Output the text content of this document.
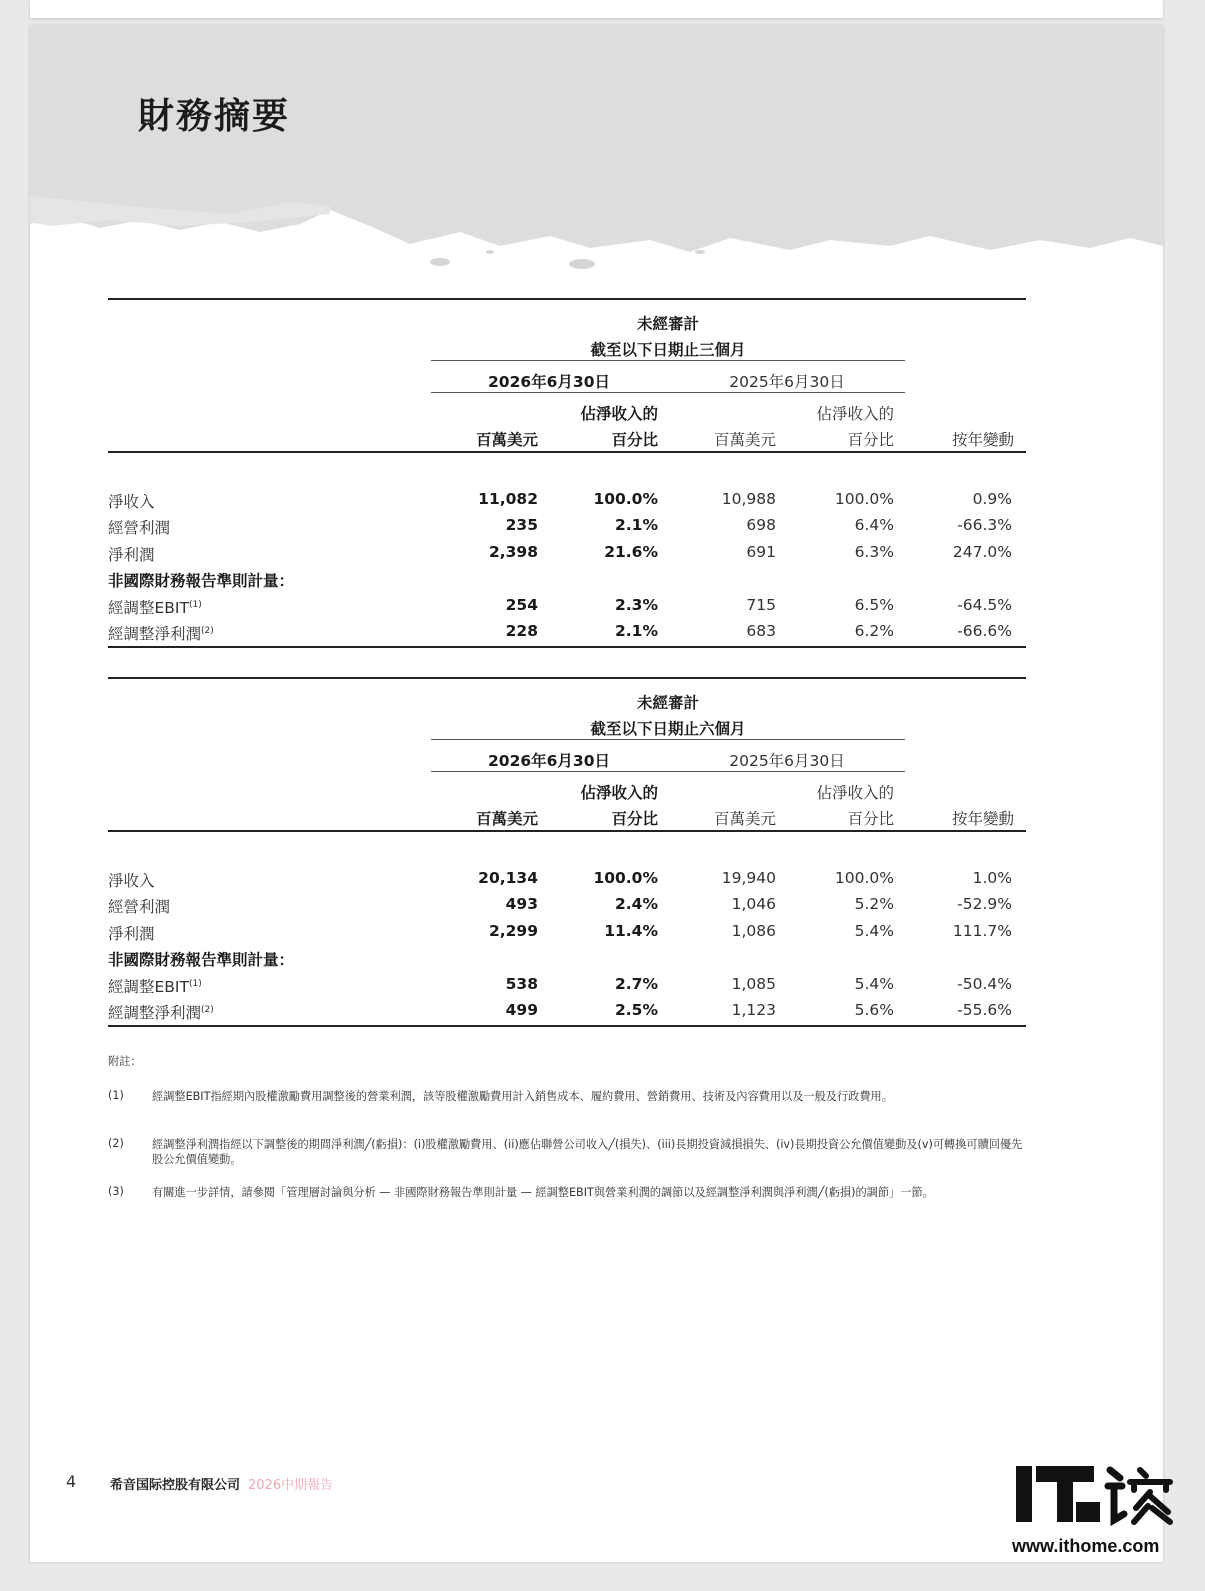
財務摘要
未經審計
截至以下日期止三個月
2026年6月30日	2025年6月30日
佔淨收入的	佔淨收入的
百萬美元	百分比	百萬美元	百分比	按年變動
淨收入	11,082	100.0%	10,988	100.0%	0.9%
經營利潤	235	2.1%	698	6.4%	-66.3%
淨利潤	2,398	21.6%	691	6.3%	247.0%
非國際財務報告準則計量：
經調整EBIT$^{(1)}$	254	2.3%	715	6.5%	-64.5%
經調整淨利潤$^{(2)}$	228	2.1%	683	6.2%	-66.6%
未經審計
截至以下日期止六個月
2026年6月30日	2025年6月30日
佔淨收入的	佔淨收入的
百萬美元	百分比	百萬美元	百分比	按年變動
淨收入	20,134	100.0%	19,940	100.0%	1.0%
經營利潤	493	2.4%	1,046	5.2%	-52.9%
淨利潤	2,299	11.4%	1,086	5.4%	111.7%
非國際財務報告準則計量：
經調整EBIT$^{(1)}$	538	2.7%	1,085	5.4%	-50.4%
經調整淨利潤$^{(2)}$	499	2.5%	1,123	5.6%	-55.6%
附註：
(1)	經調整EBIT指經期內股權激勵費用調整後的營業利潤，該等股權激勵費用計入銷售成本、履約費用、營銷費用、技術及內容費用以及一般及行政費用。
(2)	經調整淨利潤指經以下調整後的期間淨利潤╱(虧損)：(i)股權激勵費用、(ii)應佔聯營公司收入╱(損失)、(iii)長期投資減損損失、(iv)長期投資公允價值變動及(v)可轉換可贖回優先股公允價值變動。
(3)	有關進一步詳情，請參閱「管理層討論與分析 — 非國際財務報告準則計量 — 經調整EBIT與營業利潤的調節以及經調整淨利潤與淨利潤╱(虧損)的調節」一節。
4	希音国际控股有限公司 2026中期報告
www.ithome.com
